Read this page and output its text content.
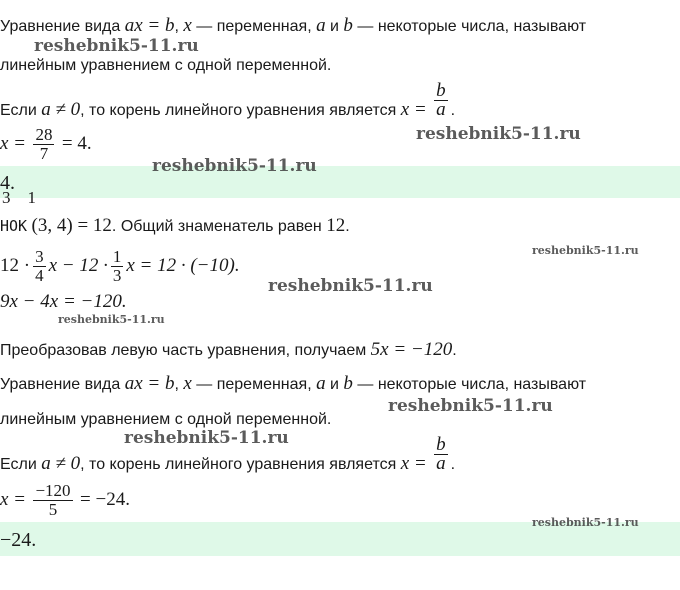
Уравнение вида ax = b, x — переменная, a и b — некоторые числа, называют
линейным уравнением с одной переменной.
Если a ≠ 0, то корень линейного уравнения является $x = \frac{b}{a}$ .
$x = \frac{28}{7} = 4$.
4.
3    1
НОК (3, 4) = 12. Общий знаменатель равен 12.
$12 \cdot \frac{3}{4}$ $x - 12 \cdot \frac{1}{3}$ x = 12 · (−10).
9x − 4x = −120.
Преобразовав левую часть уравнения, получаем 5x = −120.
Уравнение вида ax = b, x — переменная, a и b — некоторые числа, называют
линейным уравнением с одной переменной.
Если a ≠ 0, то корень линейного уравнения является $x = \frac{b}{a}$ .
$x = \frac{-120}{5} = -24$.
−24.
reshebnik5-11.ru
reshebnik5-11.ru
reshebnik5-11.ru
reshebnik5-11.ru
reshebnik5-11.ru
reshebnik5-11.ru
reshebnik5-11.ru
reshebnik5-11.ru
reshebnik5-11.ru
